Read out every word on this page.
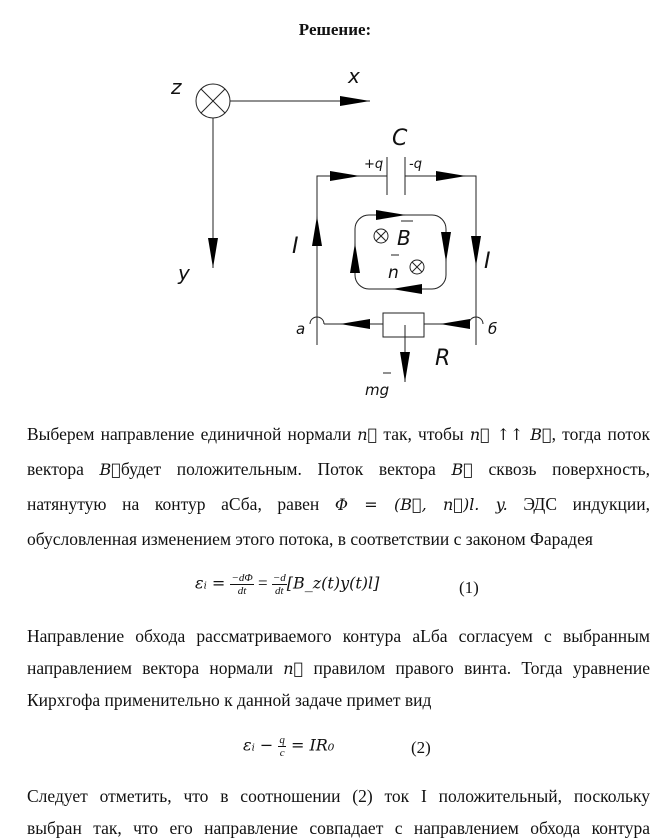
Решение:
x
y
z
C
+q -q
I
I
B
n
a	б
R
mg
Выберем направление единичной нормали n⃗ так, чтобы n⃗ ↑↑ B⃗, тогда поток
вектора B⃗будет положительным. Поток вектора B⃗ сквозь поверхность,
натянутую на контур аСба, равен Φ = (B⃗, n⃗)l. y. ЭДС индукции,
обусловленная изменением этого потока, в соответствии с законом Фарадея
εᵢ = $\frac{-d\Phi}{dt} = \frac{-d}{dt}$ [B_z(t)y(t)l]	(1)
Направление обхода рассматриваемого контура aLба согласуем с выбранным
направлением вектора нормали n⃗ правилом правого винта. Тогда уравнение
Кирхгофа применительно к данной задаче примет вид
εᵢ − $\frac{q}{c} = IR_0$	(2)
Следует отметить, что в соотношении (2) ток I положительный, поскольку
выбран так, что его направление совпадает с направлением обхода контура
